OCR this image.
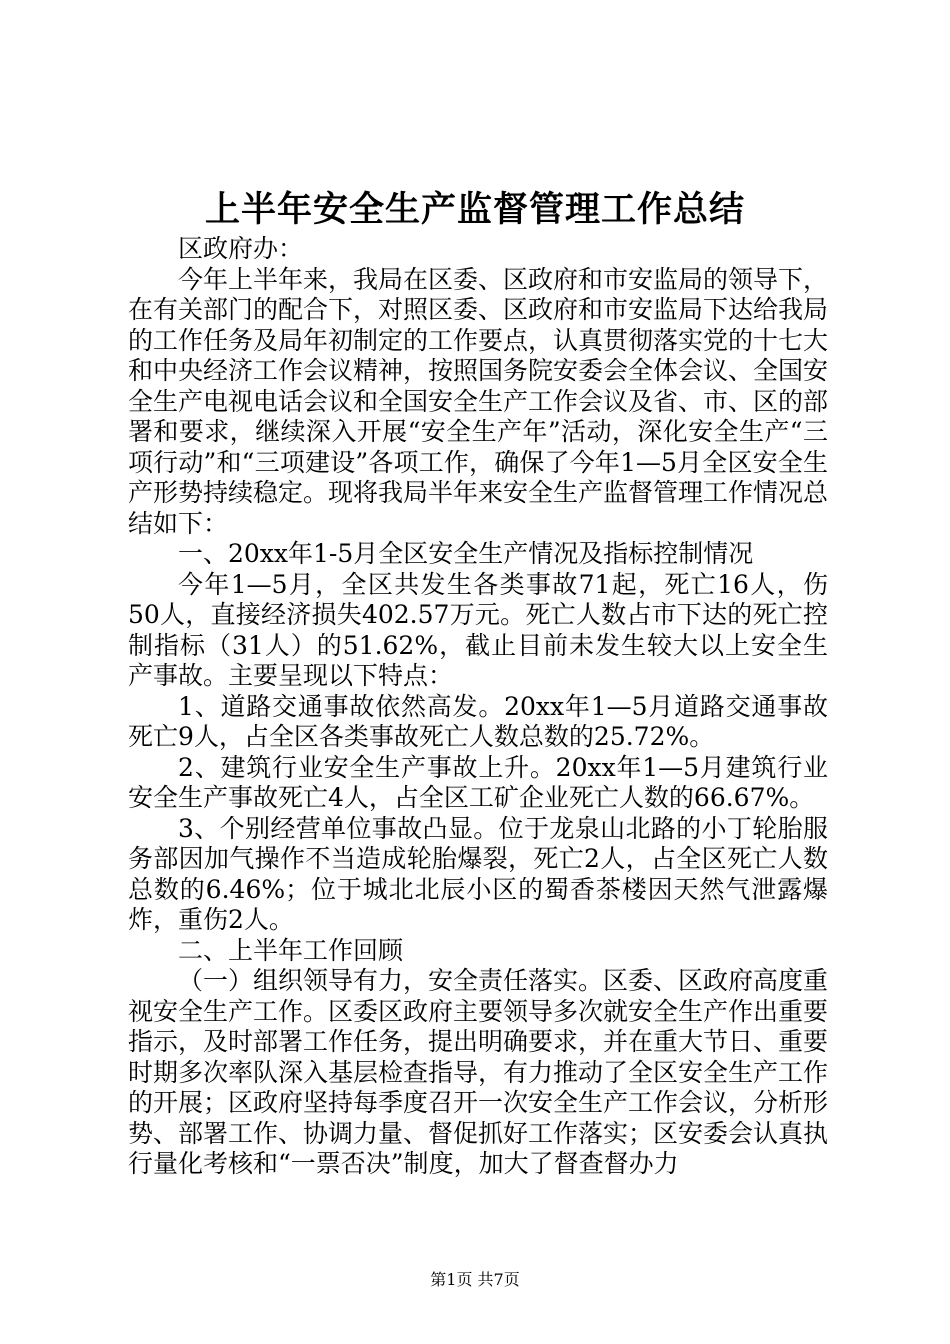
上半年安全生产监督管理工作总结

区政府办：

今年上半年来，我局在区委、区政府和市安监局的领导下，在有关部门的配合下，对照区委、区政府和市安监局下达给我局的工作任务及局年初制定的工作要点，认真贯彻落实党的十七大和中央经济工作会议精神，按照国务院安委会全体会议、全国安全生产电视电话会议和全国安全生产工作会议及省、市、区的部署和要求，继续深入开展“安全生产年”活动，深化安全生产“三项行动”和“三项建设”各项工作，确保了今年1—5月全区安全生产形势持续稳定。现将我局半年来安全生产监督管理工作情况总结如下：

一、20xx年1-5月全区安全生产情况及指标控制情况

今年1—5月，全区共发生各类事故71起，死亡16人，伤50人，直接经济损失402.57万元。死亡人数占市下达的死亡控制指标（31人）的51.62%，截止目前未发生较大以上安全生产事故。主要呈现以下特点：

1、道路交通事故依然高发。20xx年1—5月道路交通事故死亡9人，占全区各类事故死亡人数总数的25.72%。

2、建筑行业安全生产事故上升。20xx年1—5月建筑行业安全生产事故死亡4人，占全区工矿企业死亡人数的66.67%。

3、个别经营单位事故凸显。位于龙泉山北路的小丁轮胎服务部因加气操作不当造成轮胎爆裂，死亡2人，占全区死亡人数总数的6.46%；位于城北北辰小区的蜀香茶楼因天然气泄露爆炸，重伤2人。

二、上半年工作回顾

（一）组织领导有力，安全责任落实。区委、区政府高度重视安全生产工作。区委区政府主要领导多次就安全生产作出重要指示，及时部署工作任务，提出明确要求，并在重大节日、重要时期多次率队深入基层检查指导，有力推动了全区安全生产工作的开展；区政府坚持每季度召开一次安全生产工作会议，分析形势、部署工作、协调力量、督促抓好工作落实；区安委会认真执行量化考核和“一票否决”制度，加大了督查督办力

第1页 共7页
